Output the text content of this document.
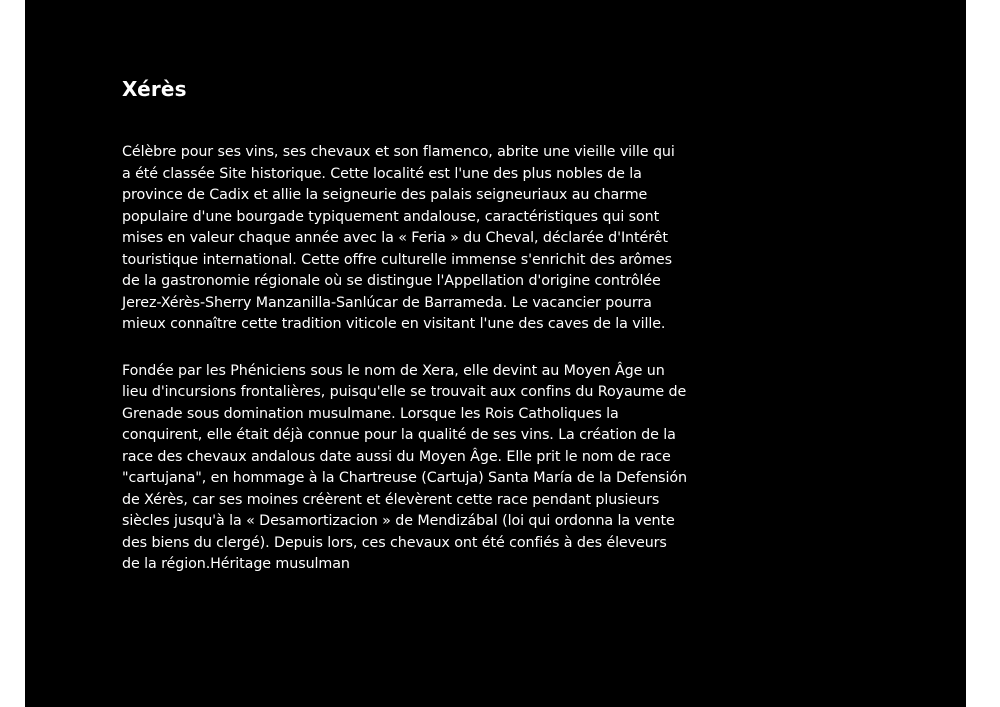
Xérès

Célèbre pour ses vins, ses chevaux et son flamenco, abrite une vieille ville qui a été classée Site historique. Cette localité est l'une des plus nobles de la province de Cadix et allie la seigneurie des palais seigneuriaux au charme populaire d'une bourgade typiquement andalouse, caractéristiques qui sont mises en valeur chaque année avec la « Feria » du Cheval, déclarée d'Intérêt touristique international. Cette offre culturelle immense s'enrichit des arômes de la gastronomie régionale où se distingue l'Appellation d'origine contrôlée Jerez-Xérès-Sherry Manzanilla-Sanlúcar de Barrameda. Le vacancier pourra mieux connaître cette tradition viticole en visitant l'une des caves de la ville.

Fondée par les Phéniciens sous le nom de Xera, elle devint au Moyen Âge un lieu d'incursions frontalières, puisqu'elle se trouvait aux confins du Royaume de Grenade sous domination musulmane. Lorsque les Rois Catholiques la conquirent, elle était déjà connue pour la qualité de ses vins. La création de la race des chevaux andalous date aussi du Moyen Âge. Elle prit le nom de race "cartujana", en hommage à la Chartreuse (Cartuja) Santa María de la Defensión de Xérès, car ses moines créèrent et élevèrent cette race pendant plusieurs siècles jusqu'à la « Desamortizacion » de Mendizábal (loi qui ordonna la vente des biens du clergé). Depuis lors, ces chevaux ont été confiés à des éleveurs de la région.Héritage musulman
